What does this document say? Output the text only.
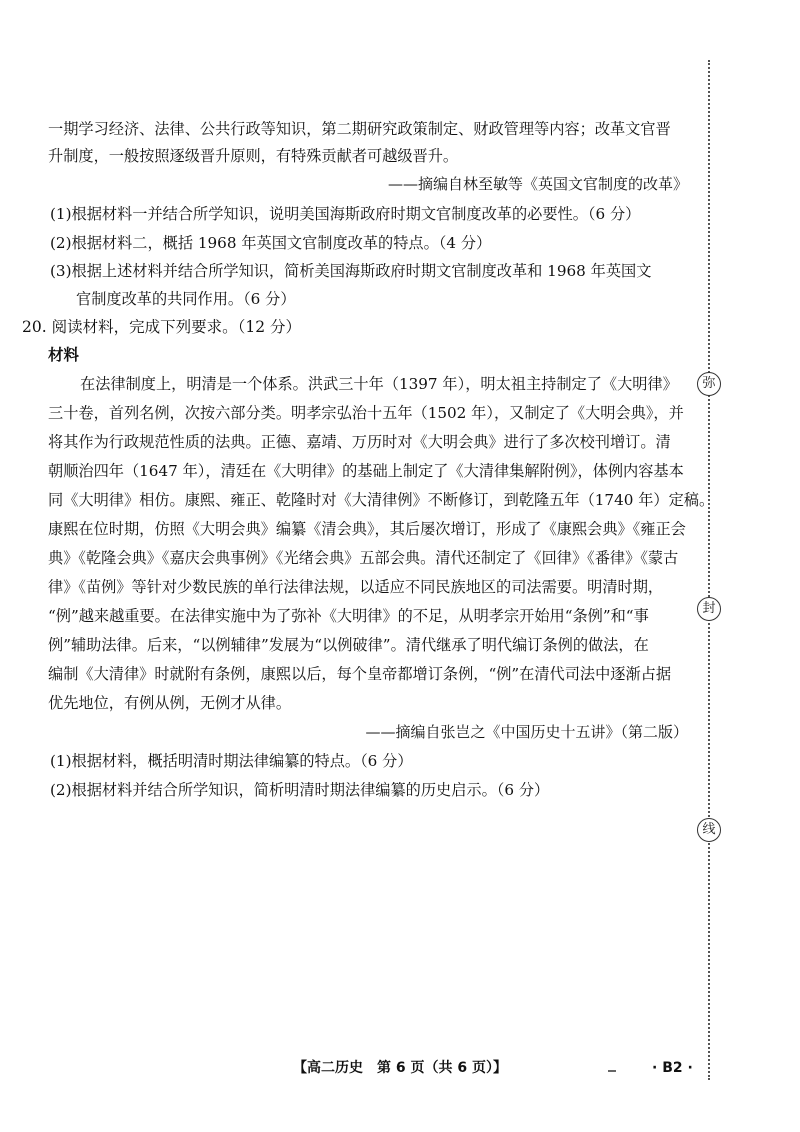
一期学习经济、法律、公共行政等知识，第二期研究政策制定、财政管理等内容；改革文官晋
升制度，一般按照逐级晋升原则，有特殊贡献者可越级晋升。
——摘编自林至敏等《英国文官制度的改革》
(1)根据材料一并结合所学知识，说明美国海斯政府时期文官制度改革的必要性。（6 分）
(2)根据材料二，概括 1968 年英国文官制度改革的特点。（4 分）
(3)根据上述材料并结合所学知识，简析美国海斯政府时期文官制度改革和 1968 年英国文
官制度改革的共同作用。（6 分）
20. 阅读材料，完成下列要求。（12 分）
材料
在法律制度上，明清是一个体系。洪武三十年（1397 年），明太祖主持制定了《大明律》
三十卷，首列名例，次按六部分类。明孝宗弘治十五年（1502 年），又制定了《大明会典》，并
将其作为行政规范性质的法典。正德、嘉靖、万历时对《大明会典》进行了多次校刊增订。清
朝顺治四年（1647 年），清廷在《大明律》的基础上制定了《大清律集解附例》，体例内容基本
同《大明律》相仿。康熙、雍正、乾隆时对《大清律例》不断修订，到乾隆五年（1740 年）定稿。
康熙在位时期，仿照《大明会典》编纂《清会典》，其后屡次增订，形成了《康熙会典》《雍正会
典》《乾隆会典》《嘉庆会典事例》《光绪会典》五部会典。清代还制定了《回律》《番律》《蒙古
律》《苗例》等针对少数民族的单行法律法规，以适应不同民族地区的司法需要。明清时期，
“例”越来越重要。在法律实施中为了弥补《大明律》的不足，从明孝宗开始用“条例”和“事
例”辅助法律。后来，“以例辅律”发展为“以例破律”。清代继承了明代编订条例的做法，在
编制《大清律》时就附有条例，康熙以后，每个皇帝都增订条例，“例”在清代司法中逐渐占据
优先地位，有例从例，无例才从律。
——摘编自张岂之《中国历史十五讲》（第二版）
(1)根据材料，概括明清时期法律编纂的特点。（6 分）
(2)根据材料并结合所学知识，简析明清时期法律编纂的历史启示。（6 分）
弥
封
线
【高二历史　第 6 页（共 6 页）】	· B2 ·
